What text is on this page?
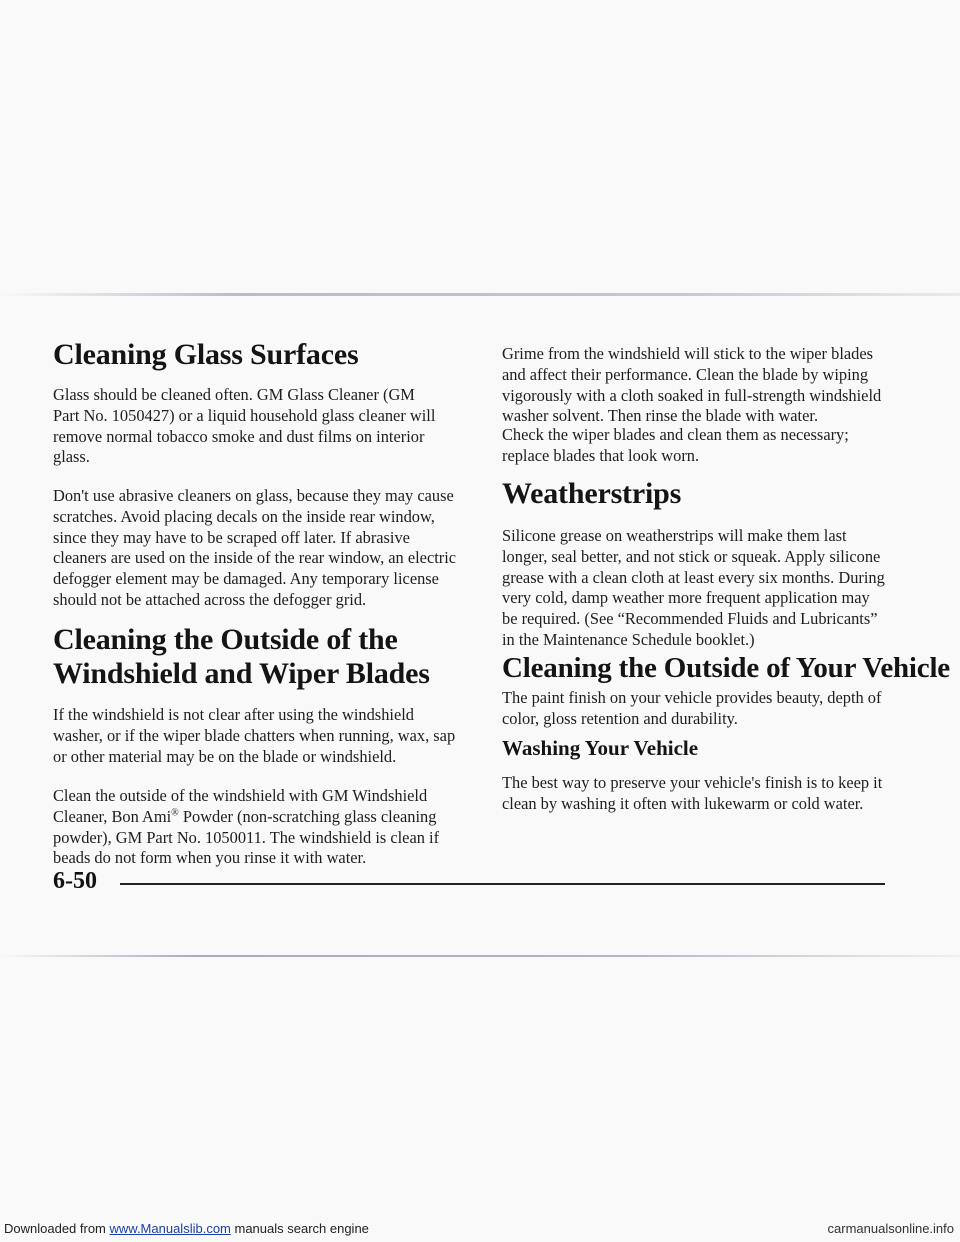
Cleaning Glass Surfaces

Glass should be cleaned often. GM Glass Cleaner (GM Part No. 1050427) or a liquid household glass cleaner will remove normal tobacco smoke and dust films on interior glass.

Don't use abrasive cleaners on glass, because they may cause scratches. Avoid placing decals on the inside rear window, since they may have to be scraped off later. If abrasive cleaners are used on the inside of the rear window, an electric defogger element may be damaged. Any temporary license should not be attached across the defogger grid.

Cleaning the Outside of the
Windshield and Wiper Blades

If the windshield is not clear after using the windshield washer, or if the wiper blade chatters when running, wax, sap or other material may be on the blade or windshield.

Clean the outside of the windshield with GM Windshield Cleaner, Bon Ami® Powder (non-scratching glass cleaning powder), GM Part No. 1050011. The windshield is clean if beads do not form when you rinse it with water.

Grime from the windshield will stick to the wiper blades and affect their performance. Clean the blade by wiping vigorously with a cloth soaked in full-strength windshield washer solvent. Then rinse the blade with water.

Check the wiper blades and clean them as necessary; replace blades that look worn.

Weatherstrips

Silicone grease on weatherstrips will make them last longer, seal better, and not stick or squeak. Apply silicone grease with a clean cloth at least every six months. During very cold, damp weather more frequent application may be required. (See “Recommended Fluids and Lubricants” in the Maintenance Schedule booklet.)

Cleaning the Outside of Your Vehicle

The paint finish on your vehicle provides beauty, depth of color, gloss retention and durability.

Washing Your Vehicle

The best way to preserve your vehicle's finish is to keep it clean by washing it often with lukewarm or cold water.

6-50
Downloaded from www.Manualslib.com manuals search engine	carmanualsonline.info
